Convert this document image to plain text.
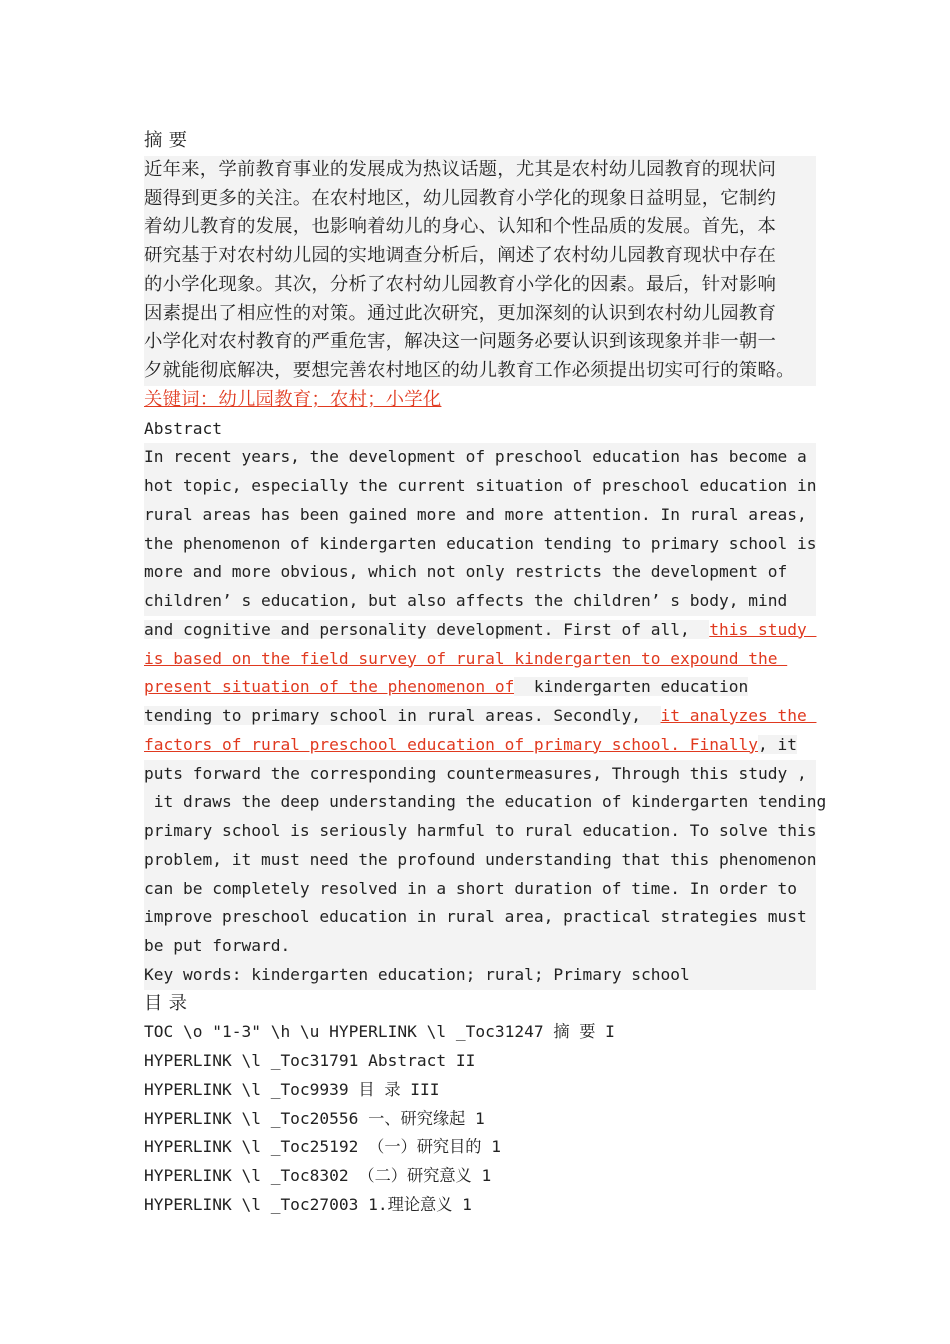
摘 要
近年来，学前教育事业的发展成为热议话题，尤其是农村幼儿园教育的现状问
题得到更多的关注。在农村地区，幼儿园教育小学化的现象日益明显，它制约
着幼儿教育的发展，也影响着幼儿的身心、认知和个性品质的发展。首先，本
研究基于对农村幼儿园的实地调查分析后，阐述了农村幼儿园教育现状中存在
的小学化现象。其次，分析了农村幼儿园教育小学化的因素。最后，针对影响
因素提出了相应性的对策。通过此次研究，更加深刻的认识到农村幼儿园教育
小学化对农村教育的严重危害，解决这一问题务必要认识到该现象并非一朝一
夕就能彻底解决，要想完善农村地区的幼儿教育工作必须提出切实可行的策略。
关键词：幼儿园教育；农村；小学化
Abstract
In recent years, the development of preschool education has become a
hot topic, especially the current situation of preschool education in
rural areas has been gained more and more attention. In rural areas,
the phenomenon of kindergarten education tending to primary school is
more and more obvious, which not only restricts the development of
children’ s education, but also affects the children’ s body, mind
and cognitive and personality development. First of all,  this study
is based on the field survey of rural kindergarten to expound the
present situation of the phenomenon of  kindergarten education
tending to primary school in rural areas. Secondly,  it analyzes the
factors of rural preschool education of primary school. Finally, it
puts forward the corresponding countermeasures, Through this study ,
it draws the deep understanding the education of kindergarten tending
primary school is seriously harmful to rural education. To solve this
problem, it must need the profound understanding that this phenomenon
can be completely resolved in a short duration of time. In order to
improve preschool education in rural area, practical strategies must
be put forward.
Key words: kindergarten education; rural; Primary school
目 录
TOC \o "1-3" \h \u HYPERLINK \l _Toc31247 摘 要 I
HYPERLINK \l _Toc31791 Abstract II
HYPERLINK \l _Toc9939 目 录 III
HYPERLINK \l _Toc20556 一、研究缘起 1
HYPERLINK \l _Toc25192 （一）研究目的 1
HYPERLINK \l _Toc8302 （二）研究意义 1
HYPERLINK \l _Toc27003 1.理论意义 1
